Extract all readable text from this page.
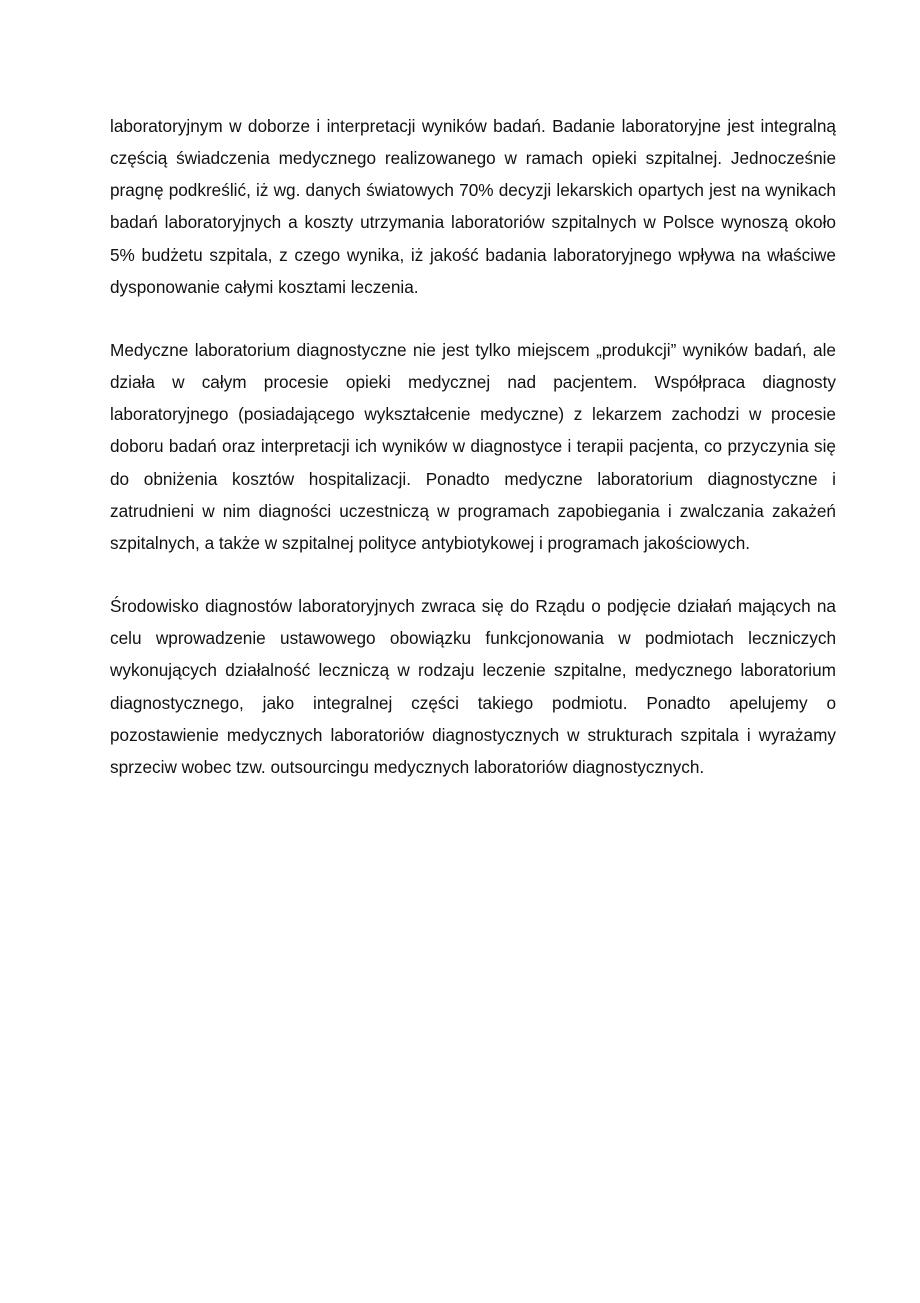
laboratoryjnym w doborze i interpretacji wyników badań. Badanie laboratoryjne jest integralną częścią świadczenia medycznego realizowanego w ramach opieki szpitalnej. Jednocześnie pragnę podkreślić, iż wg. danych światowych 70% decyzji lekarskich opartych jest na wynikach badań laboratoryjnych a koszty utrzymania laboratoriów szpitalnych w Polsce wynoszą około 5% budżetu szpitala, z czego wynika, iż jakość badania laboratoryjnego wpływa na właściwe dysponowanie całymi kosztami leczenia.

Medyczne laboratorium diagnostyczne nie jest tylko miejscem „produkcji” wyników badań, ale działa w całym procesie opieki medycznej nad pacjentem. Współpraca diagnosty laboratoryjnego (posiadającego wykształcenie medyczne) z lekarzem zachodzi w procesie doboru badań oraz interpretacji ich wyników w diagnostyce i terapii pacjenta, co przyczynia się do obniżenia kosztów hospitalizacji. Ponadto medyczne laboratorium diagnostyczne i zatrudnieni w nim diagności uczestniczą w programach zapobiegania i zwalczania zakażeń szpitalnych, a także w szpitalnej polityce antybiotykowej i programach jakościowych.

Środowisko diagnostów laboratoryjnych zwraca się do Rządu o podjęcie działań mających na celu wprowadzenie ustawowego obowiązku funkcjonowania w podmiotach leczniczych wykonujących działalność leczniczą w rodzaju leczenie szpitalne, medycznego laboratorium diagnostycznego, jako integralnej części takiego podmiotu. Ponadto apelujemy o pozostawienie medycznych laboratoriów diagnostycznych w strukturach szpitala i wyrażamy sprzeciw wobec tzw. outsourcingu medycznych laboratoriów diagnostycznych.
